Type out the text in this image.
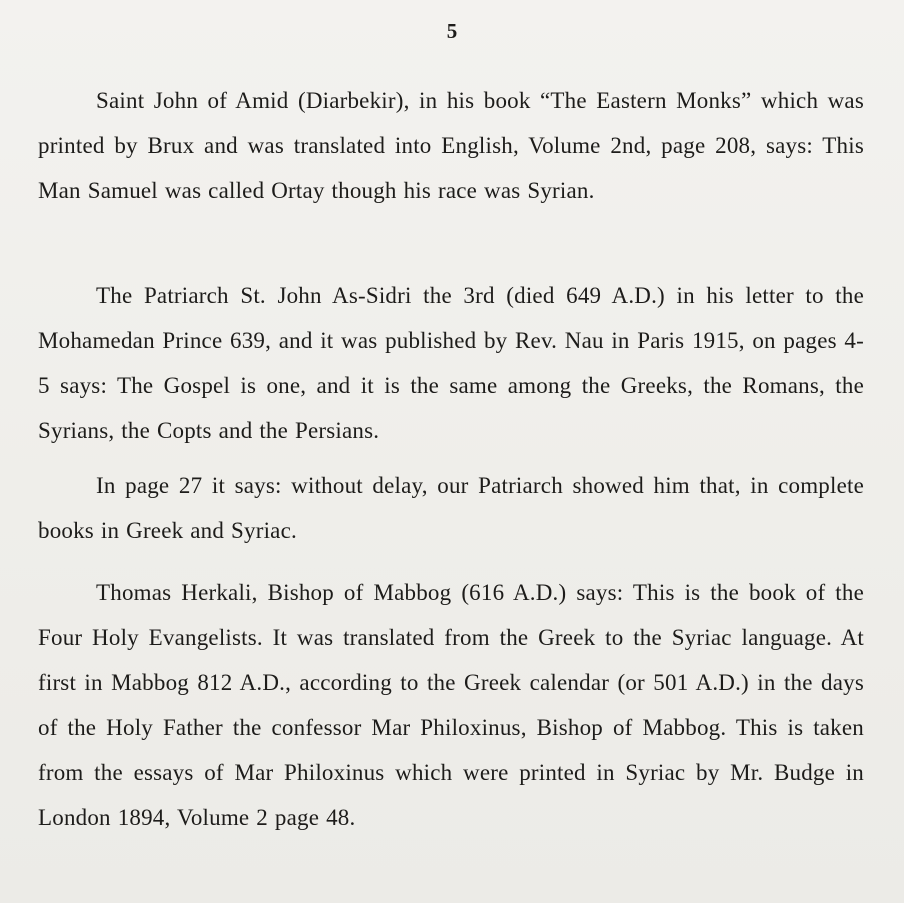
5

Saint John of Amid (Diarbekir), in his book “The Eastern Monks” which was printed by Brux and was translated into English, Volume 2nd, page 208, says: This Man Samuel was called Ortay though his race was Syrian.

The Patriarch St. John As-Sidri the 3rd (died 649 A.D.) in his letter to the Mohamedan Prince 639, and it was published by Rev. Nau in Paris 1915, on pages 4-5 says: The Gospel is one, and it is the same among the Greeks, the Romans, the Syrians, the Copts and the Persians.

In page 27 it says: without delay, our Patriarch showed him that, in complete books in Greek and Syriac.

Thomas Herkali, Bishop of Mabbog (616 A.D.) says: This is the book of the Four Holy Evangelists. It was translated from the Greek to the Syriac language. At first in Mabbog 812 A.D., according to the Greek calendar (or 501 A.D.) in the days of the Holy Father the confessor Mar Philoxinus, Bishop of Mabbog. This is taken from the essays of Mar Philoxinus which were printed in Syriac by Mr. Budge in London 1894, Volume 2 page 48.
